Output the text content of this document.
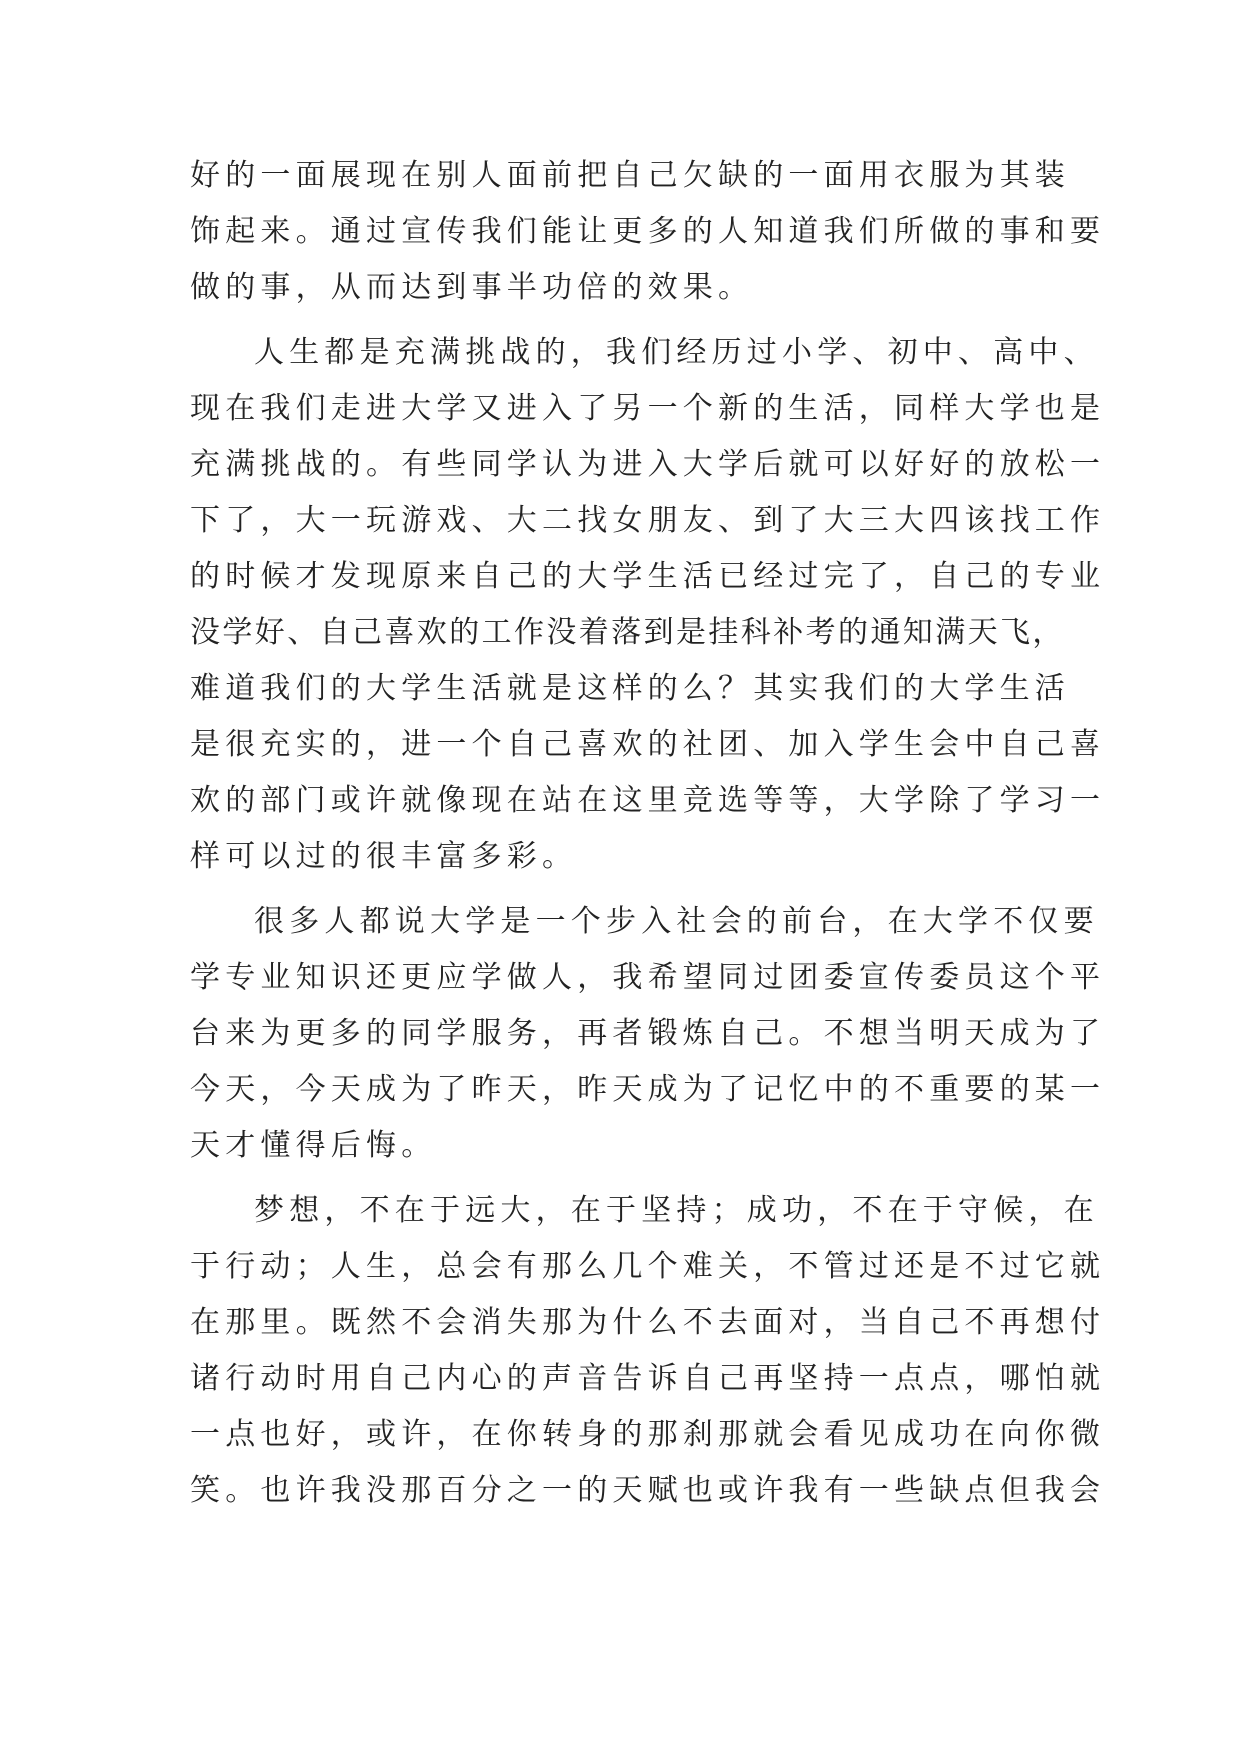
好的一面展现在别人面前把自己欠缺的一面用衣服为其装
饰起来。通过宣传我们能让更多的人知道我们所做的事和要
做的事，从而达到事半功倍的效果。
人生都是充满挑战的，我们经历过小学、初中、高中、
现在我们走进大学又进入了另一个新的生活，同样大学也是
充满挑战的。有些同学认为进入大学后就可以好好的放松一
下了，大一玩游戏、大二找女朋友、到了大三大四该找工作
的时候才发现原来自己的大学生活已经过完了，自己的专业
没学好、自己喜欢的工作没着落到是挂科补考的通知满天飞，
难道我们的大学生活就是这样的么？其实我们的大学生活
是很充实的，进一个自己喜欢的社团、加入学生会中自己喜
欢的部门或许就像现在站在这里竞选等等，大学除了学习一
样可以过的很丰富多彩。
很多人都说大学是一个步入社会的前台，在大学不仅要
学专业知识还更应学做人，我希望同过团委宣传委员这个平
台来为更多的同学服务，再者锻炼自己。不想当明天成为了
今天，今天成为了昨天，昨天成为了记忆中的不重要的某一
天才懂得后悔。
梦想，不在于远大，在于坚持；成功，不在于守候，在
于行动；人生，总会有那么几个难关，不管过还是不过它就
在那里。既然不会消失那为什么不去面对，当自己不再想付
诸行动时用自己内心的声音告诉自己再坚持一点点，哪怕就
一点也好，或许，在你转身的那刹那就会看见成功在向你微
笑。也许我没那百分之一的天赋也或许我有一些缺点但我会
